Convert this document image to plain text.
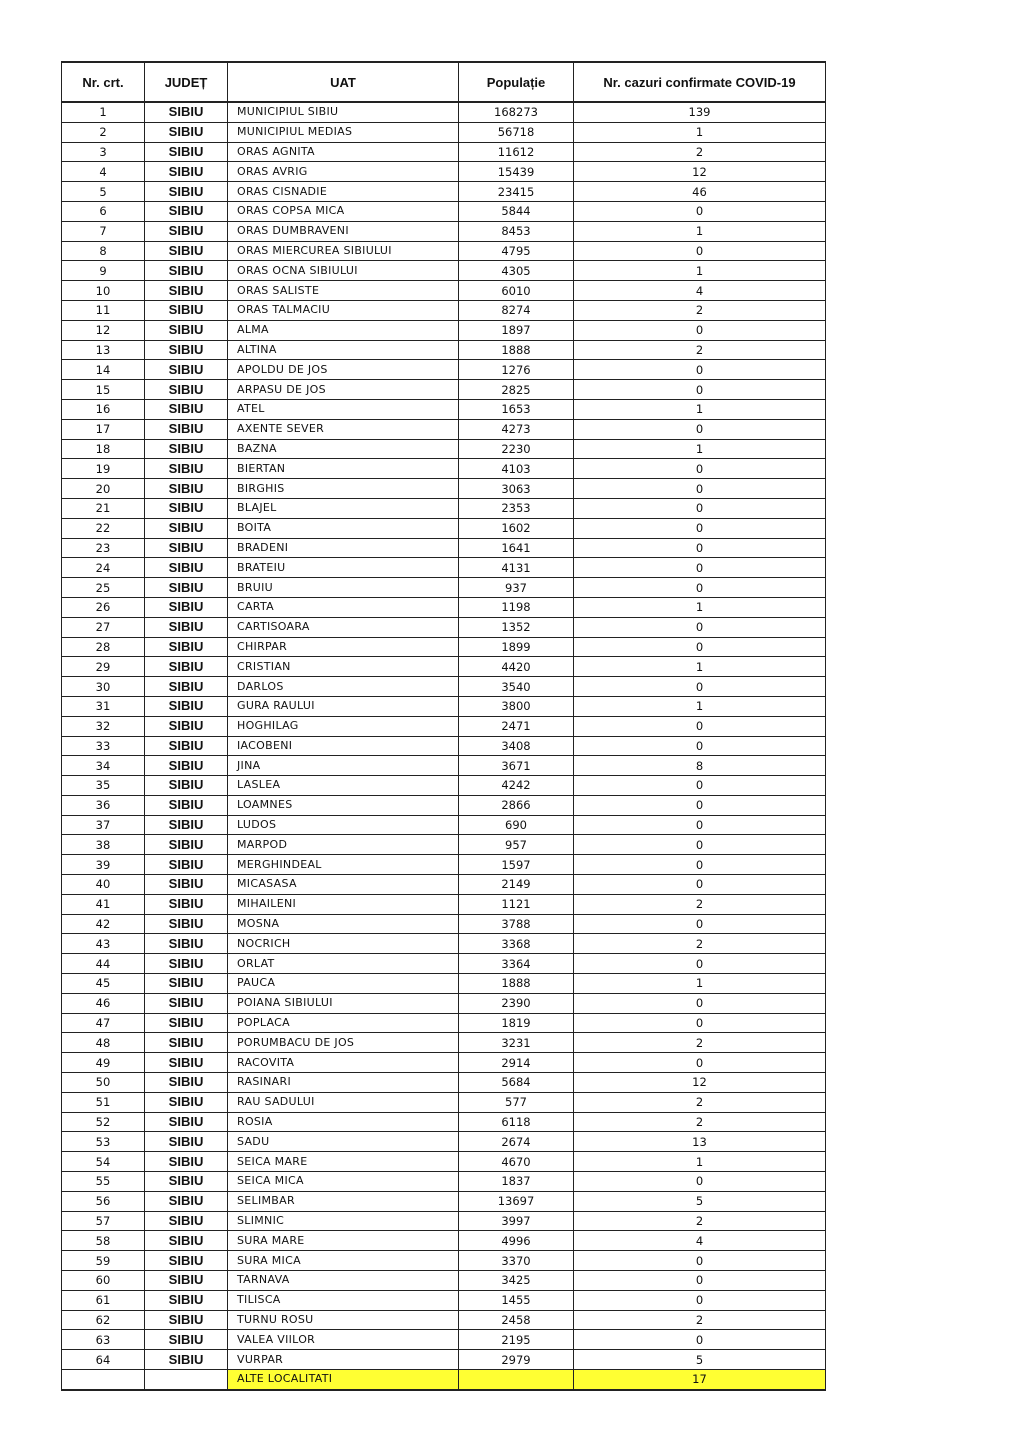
Nr. crt.	JUDEȚ	UAT	Populație	Nr. cazuri confirmate COVID-19
1	SIBIU	MUNICIPIUL SIBIU	168273	139
2	SIBIU	MUNICIPIUL MEDIAS	56718	1
3	SIBIU	ORAS AGNITA	11612	2
4	SIBIU	ORAS AVRIG	15439	12
5	SIBIU	ORAS CISNADIE	23415	46
6	SIBIU	ORAS COPSA MICA	5844	0
7	SIBIU	ORAS DUMBRAVENI	8453	1
8	SIBIU	ORAS MIERCUREA SIBIULUI	4795	0
9	SIBIU	ORAS OCNA SIBIULUI	4305	1
10	SIBIU	ORAS SALISTE	6010	4
11	SIBIU	ORAS TALMACIU	8274	2
12	SIBIU	ALMA	1897	0
13	SIBIU	ALTINA	1888	2
14	SIBIU	APOLDU DE JOS	1276	0
15	SIBIU	ARPASU DE JOS	2825	0
16	SIBIU	ATEL	1653	1
17	SIBIU	AXENTE SEVER	4273	0
18	SIBIU	BAZNA	2230	1
19	SIBIU	BIERTAN	4103	0
20	SIBIU	BIRGHIS	3063	0
21	SIBIU	BLAJEL	2353	0
22	SIBIU	BOITA	1602	0
23	SIBIU	BRADENI	1641	0
24	SIBIU	BRATEIU	4131	0
25	SIBIU	BRUIU	937	0
26	SIBIU	CARTA	1198	1
27	SIBIU	CARTISOARA	1352	0
28	SIBIU	CHIRPAR	1899	0
29	SIBIU	CRISTIAN	4420	1
30	SIBIU	DARLOS	3540	0
31	SIBIU	GURA RAULUI	3800	1
32	SIBIU	HOGHILAG	2471	0
33	SIBIU	IACOBENI	3408	0
34	SIBIU	JINA	3671	8
35	SIBIU	LASLEA	4242	0
36	SIBIU	LOAMNES	2866	0
37	SIBIU	LUDOS	690	0
38	SIBIU	MARPOD	957	0
39	SIBIU	MERGHINDEAL	1597	0
40	SIBIU	MICASASA	2149	0
41	SIBIU	MIHAILENI	1121	2
42	SIBIU	MOSNA	3788	0
43	SIBIU	NOCRICH	3368	2
44	SIBIU	ORLAT	3364	0
45	SIBIU	PAUCA	1888	1
46	SIBIU	POIANA SIBIULUI	2390	0
47	SIBIU	POPLACA	1819	0
48	SIBIU	PORUMBACU DE JOS	3231	2
49	SIBIU	RACOVITA	2914	0
50	SIBIU	RASINARI	5684	12
51	SIBIU	RAU SADULUI	577	2
52	SIBIU	ROSIA	6118	2
53	SIBIU	SADU	2674	13
54	SIBIU	SEICA MARE	4670	1
55	SIBIU	SEICA MICA	1837	0
56	SIBIU	SELIMBAR	13697	5
57	SIBIU	SLIMNIC	3997	2
58	SIBIU	SURA MARE	4996	4
59	SIBIU	SURA MICA	3370	0
60	SIBIU	TARNAVA	3425	0
61	SIBIU	TILISCA	1455	0
62	SIBIU	TURNU ROSU	2458	2
63	SIBIU	VALEA VIILOR	2195	0
64	SIBIU	VURPAR	2979	5
		ALTE LOCALITATI		17
